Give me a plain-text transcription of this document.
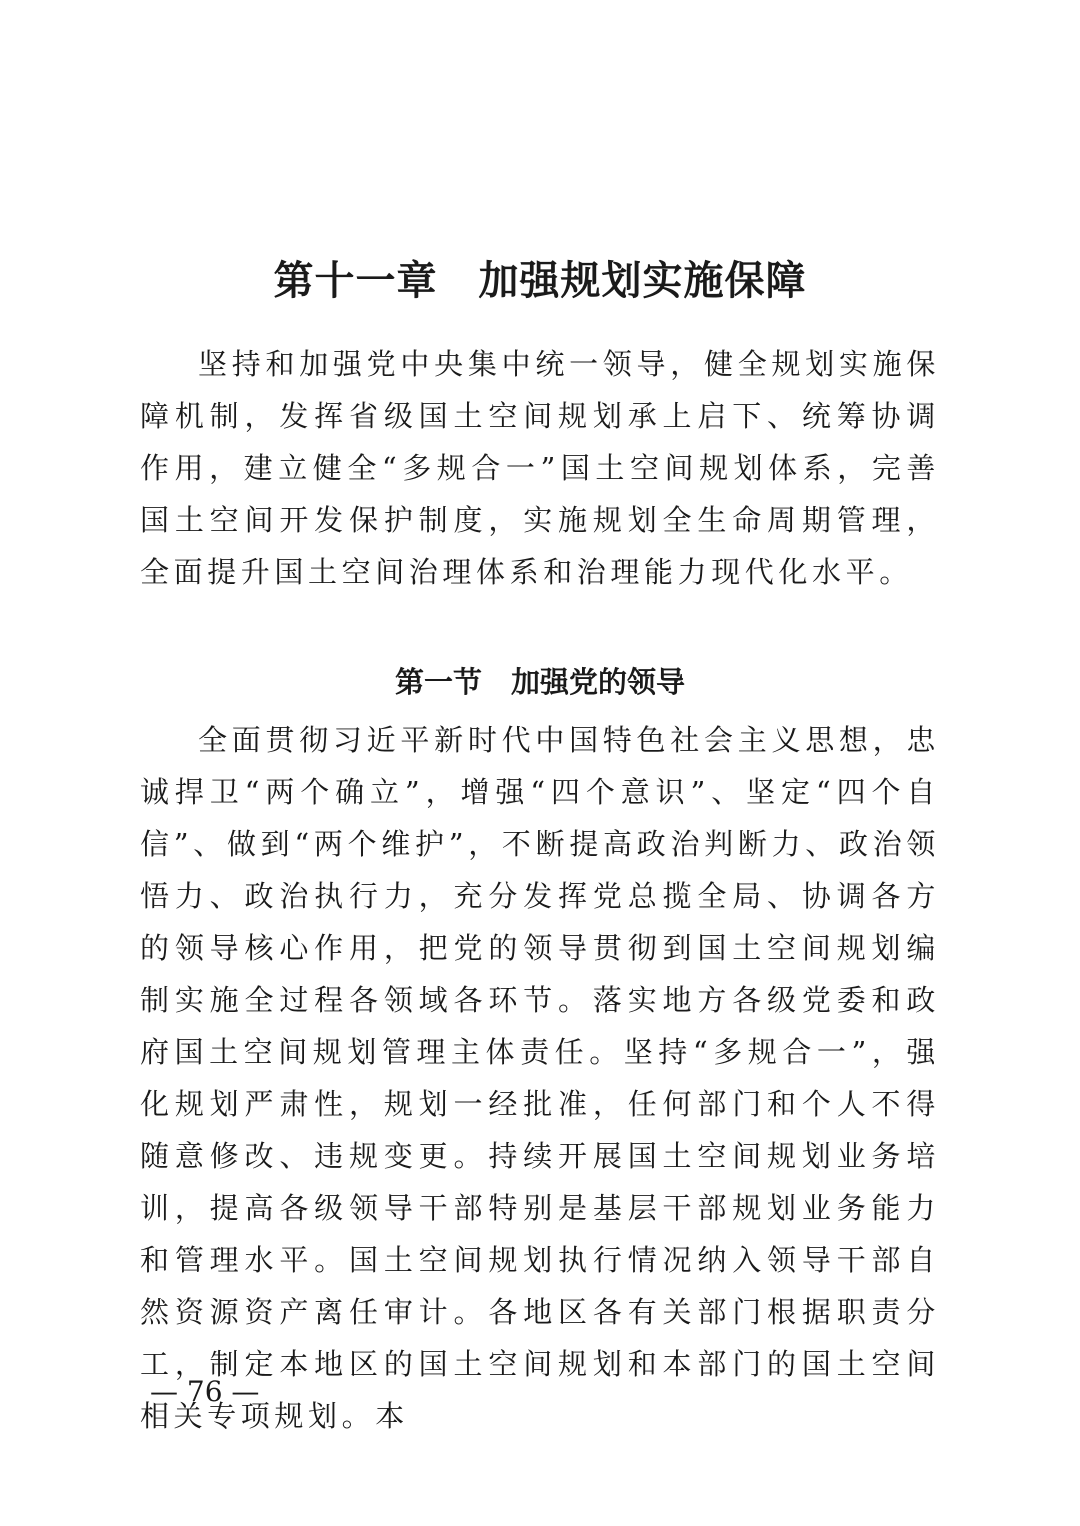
第十一章　加强规划实施保障

坚持和加强党中央集中统一领导，健全规划实施保障机制，发挥省级国土空间规划承上启下、统筹协调作用，建立健全“多规合一”国土空间规划体系，完善国土空间开发保护制度，实施规划全生命周期管理，全面提升国土空间治理体系和治理能力现代化水平。

第一节　加强党的领导

全面贯彻习近平新时代中国特色社会主义思想，忠诚捍卫“两个确立”，增强“四个意识”、坚定“四个自信”、做到“两个维护”，不断提高政治判断力、政治领悟力、政治执行力，充分发挥党总揽全局、协调各方的领导核心作用，把党的领导贯彻到国土空间规划编制实施全过程各领域各环节。落实地方各级党委和政府国土空间规划管理主体责任。坚持“多规合一”，强化规划严肃性，规划一经批准，任何部门和个人不得随意修改、违规变更。持续开展国土空间规划业务培训，提高各级领导干部特别是基层干部规划业务能力和管理水平。国土空间规划执行情况纳入领导干部自然资源资产离任审计。各地区各有关部门根据职责分工，制定本地区的国土空间规划和本部门的国土空间相关专项规划。本

— 76 —
